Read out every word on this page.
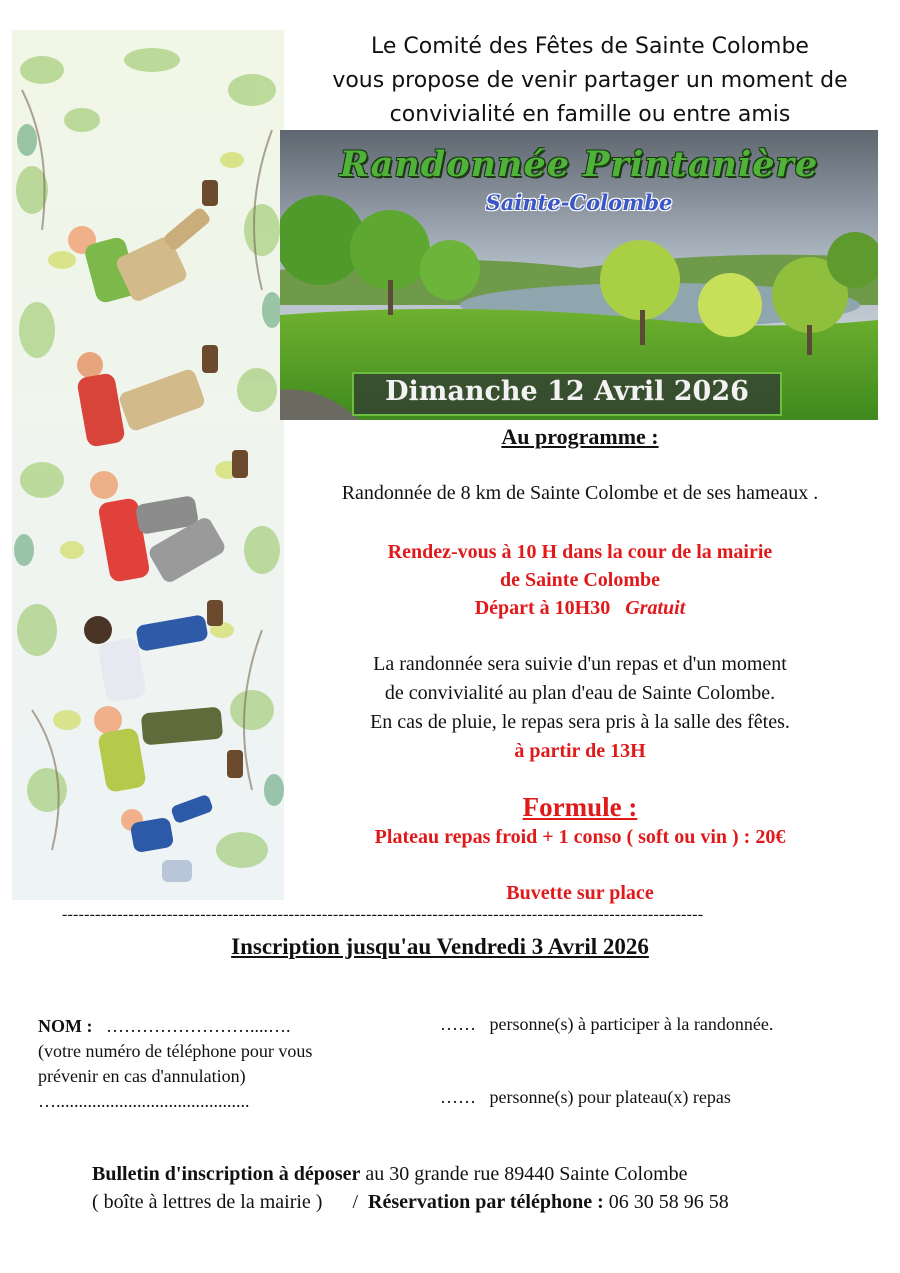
Le Comité des Fêtes de Sainte Colombe
vous propose de venir partager un moment de
convivialité en famille ou entre amis
Randonnée Printanière
Sainte-Colombe
Dimanche 12 Avril 2026
Au programme :
Randonnée de 8 km de Sainte Colombe et de ses hameaux .
Rendez-vous à 10 H dans la cour de la mairie
de Sainte Colombe
Départ à 10H30 Gratuit
La randonnée sera suivie d'un repas et d'un moment
de convivialité au plan d'eau de Sainte Colombe.
En cas de pluie, le repas sera pris à la salle des fêtes.
à partir de 13H
Formule :
Plateau repas froid + 1 conso ( soft ou vin ) : 20€
Buvette sur place
--------------------------------------------------------------------------------------------------------------------
Inscription jusqu'au Vendredi 3 Avril 2026
NOM : ……………………....….
(votre numéro de téléphone pour vous
prévenir en cas d'annulation)
…...........................................
…… personne(s) à participer à la randonnée.
…… personne(s) pour plateau(x) repas
Bulletin d'inscription à déposer au 30 grande rue 89440 Sainte Colombe
( boîte à lettres de la mairie ) / Réservation par téléphone : 06 30 58 96 58
